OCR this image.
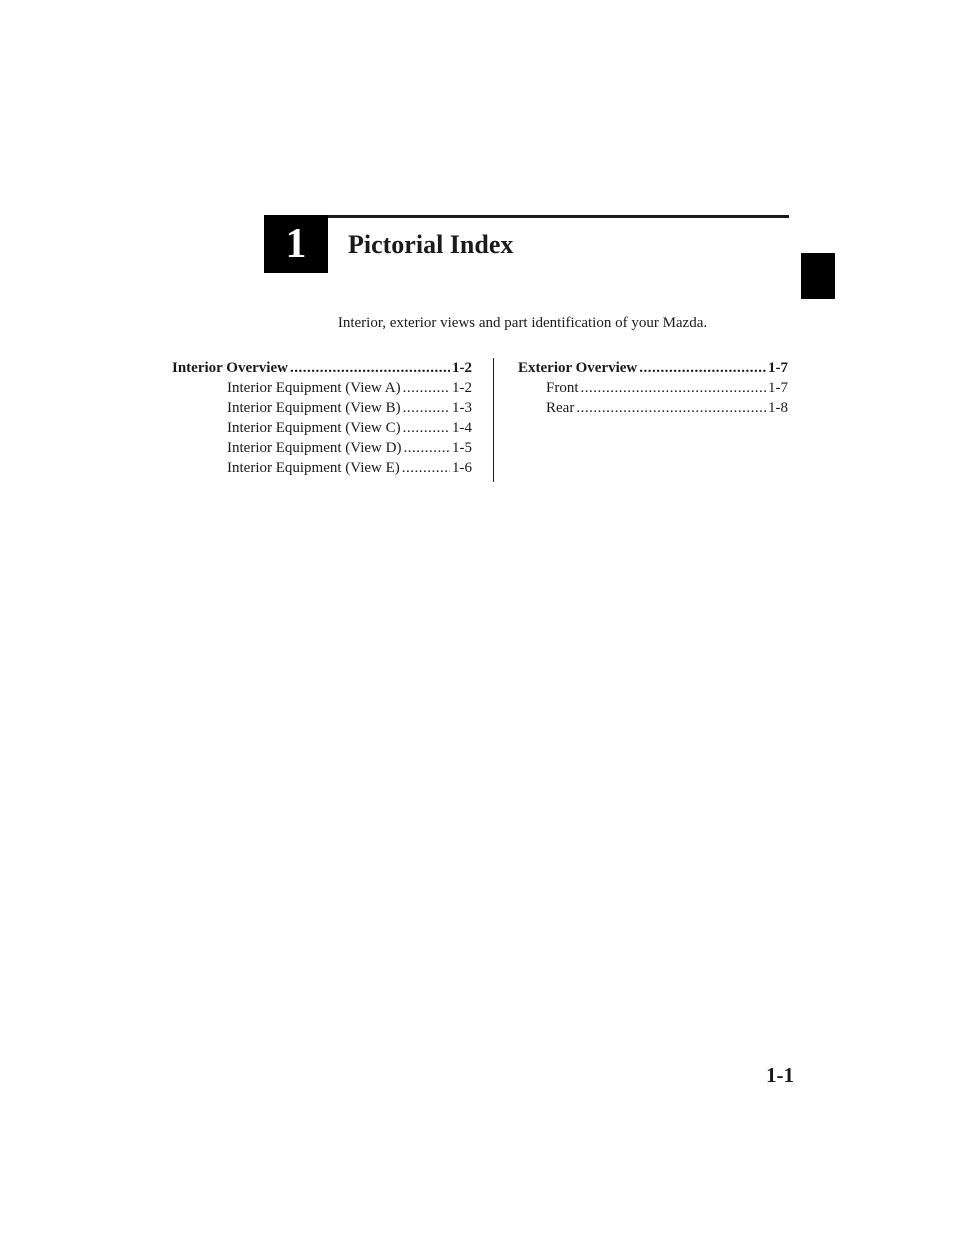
1	Pictorial Index
Interior, exterior views and part identification of your Mazda.
Interior Overview .....	1-2
Interior Equipment (View A) .....	1-2
Interior Equipment (View B) .....	1-3
Interior Equipment (View C) .....	1-4
Interior Equipment (View D) .....	1-5
Interior Equipment (View E) .....	1-6
Exterior Overview .....	1-7
Front .....	1-7
Rear .....	1-8
1-1
